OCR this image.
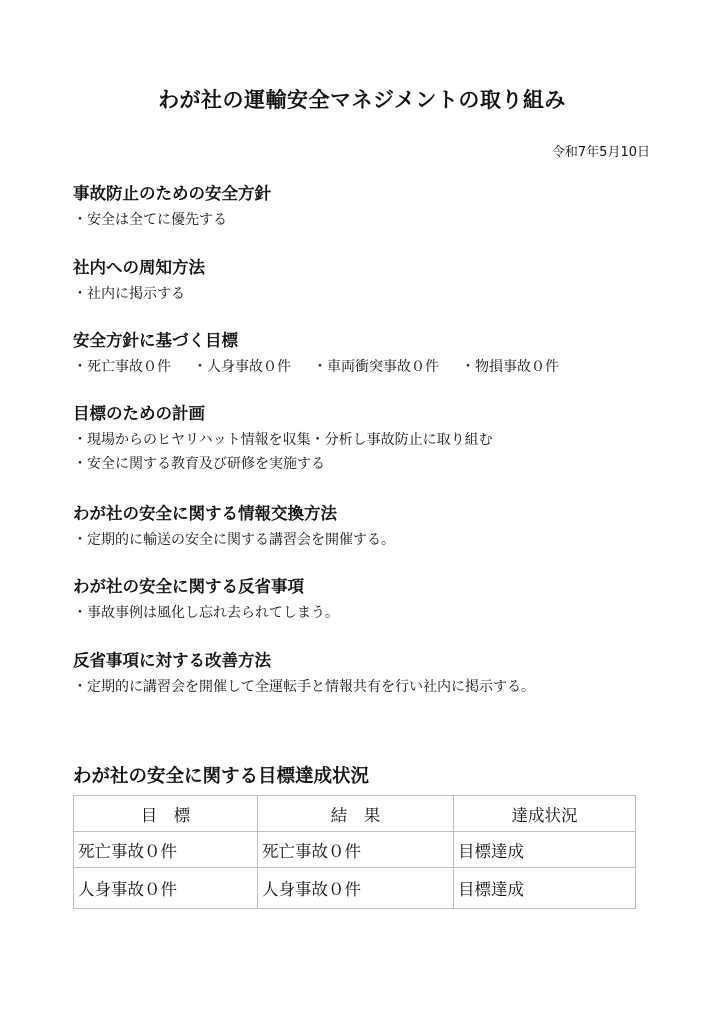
わが社の運輸安全マネジメントの取り組み
令和7年5月10日
事故防止のための安全方針

・安全は全てに優先する

社内への周知方法

・社内に掲示する

安全方針に基づく目標
・死亡事故０件 ・人身事故０件 ・車両衝突事故０件 ・物損事故０件
目標のための計画

・現場からのヒヤリハット情報を収集・分析し事故防止に取り組む

・安全に関する教育及び研修を実施する

わが社の安全に関する情報交換方法

・定期的に輸送の安全に関する講習会を開催する。

わが社の安全に関する反省事項

・事故事例は風化し忘れ去られてしまう。

反省事項に対する改善方法

・定期的に講習会を開催して全運転手と情報共有を行い社内に掲示する。

わが社の安全に関する目標達成状況
目　標	結　果	達成状況
死亡事故０件	死亡事故０件	目標達成
人身事故０件	人身事故０件	目標達成
